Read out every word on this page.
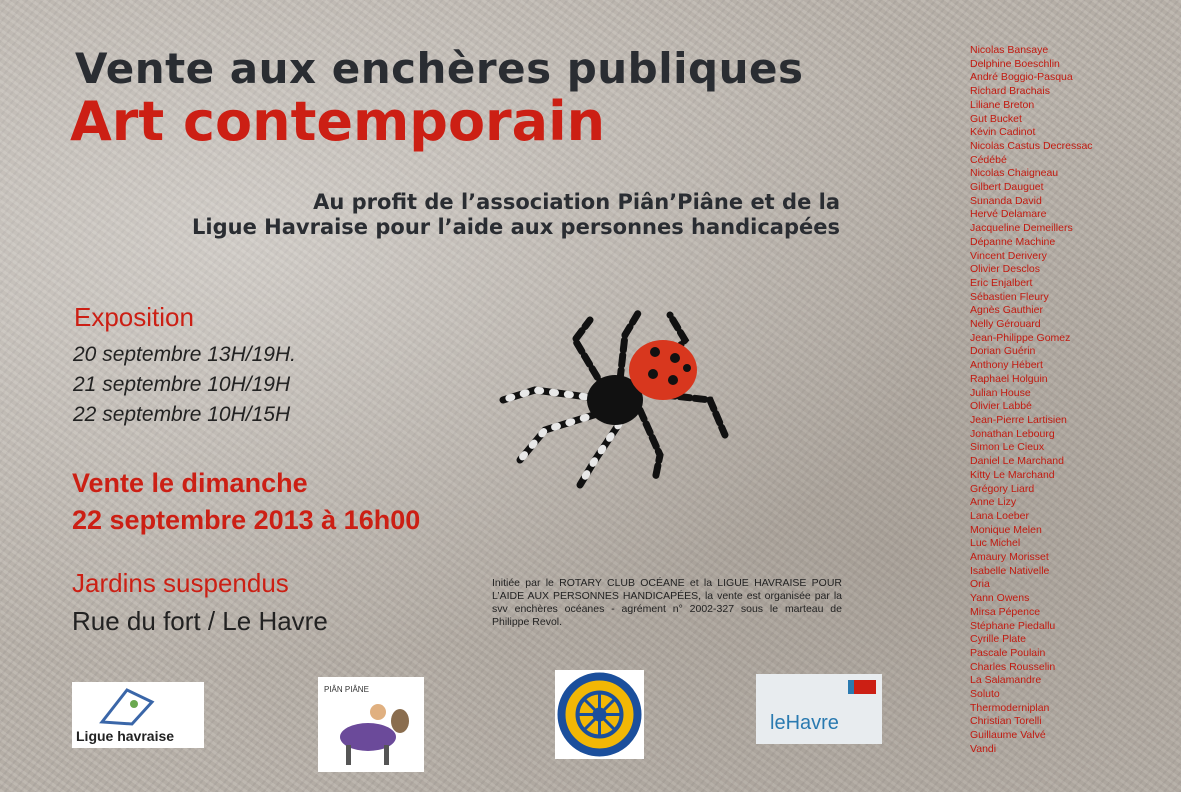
Vente aux enchères publiques
Art contemporain
Au profit de l’association Piân’Piâne et de la
Ligue Havraise pour l’aide aux personnes handicapées
Exposition
20 septembre 13H/19H.
21 septembre 10H/19H
22 septembre 10H/15H
Vente le dimanche
22 septembre 2013 à 16h00
Jardins suspendus
Rue du fort / Le Havre
Initiée par le ROTARY CLUB OCÉANE et la LIGUE HAVRAISE POUR L’AIDE AUX PERSONNES HANDICAPÉES, la vente est organisée par la svv enchères océanes - agrément n° 2002-327 sous le marteau de Philippe Revol.
Ligue havraise
PIÂN PIÂNE
leHavre
Nicolas Bansaye
Delphine Boeschlin
André Boggio-Pasqua
Richard Brachais
Liliane Breton
Gut Bucket
Kévin Cadinot
Nicolas Castus Decressac
Cédébé
Nicolas Chaigneau
Gilbert Dauguet
Sunanda David
Hervé Delamare
Jacqueline Demeillers
Dépanne Machine
Vincent Derivery
Olivier Desclos
Eric Enjalbert
Sébastien Fleury
Agnès Gauthier
Nelly Gérouard
Jean-Philippe Gomez
Dorian Guérin
Anthony Hébert
Raphael Holguin
Julian House
Olivier Labbé
Jean-Pierre Lartisien
Jonathan Lebourg
Simon Le Cieux
Daniel Le Marchand
Kitty Le Marchand
Grégory Liard
Anne Lizy
Lana Loeber
Monique Melen
Luc Michel
Amaury Morisset
Isabelle Nativelle
Oria
Yann Owens
Mirsa Pépence
Stéphane Piedallu
Cyrille Plate
Pascale Poulain
Charles Rousselin
La Salamandre
Soluto
Thermoderniplan
Christian Torelli
Guillaume Valvé
Vandi
